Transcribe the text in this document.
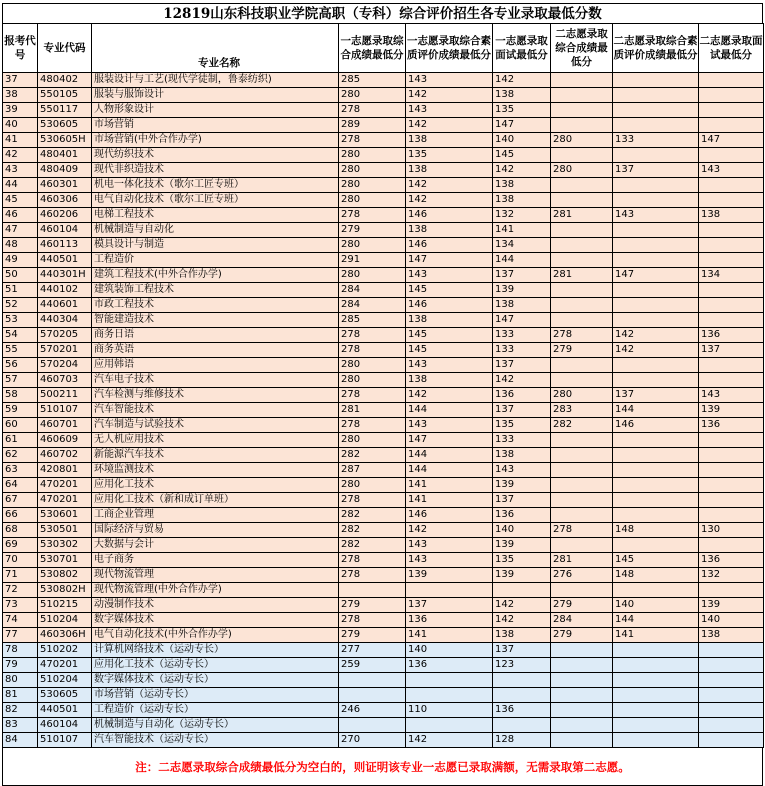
12819山东科技职业学院高职（专科）综合评价招生各专业录取最低分数
报考代号	专业代码	专业名称	一志愿录取综合成绩最低分	一志愿录取综合素质评价成绩最低分	一志愿录取面试最低分	二志愿录取综合成绩最低分	二志愿录取综合素质评价成绩最低分	二志愿录取面试最低分
37	480402	服装设计与工艺(现代学徒制，鲁泰纺织)	285	143	142			
38	550105	服装与服饰设计	280	142	138			
39	550117	人物形象设计	278	143	135			
40	530605	市场营销	289	142	147			
41	530605H	市场营销(中外合作办学)	278	138	140	280	133	147
42	480401	现代纺织技术	280	135	145			
43	480409	现代非织造技术	280	138	142	280	137	143
44	460301	机电一体化技术（歌尔工匠专班）	280	142	138			
45	460306	电气自动化技术（歌尔工匠专班）	280	142	138			
46	460206	电梯工程技术	278	146	132	281	143	138
47	460104	机械制造与自动化	279	138	141			
48	460113	模具设计与制造	280	146	134			
49	440501	工程造价	291	147	144			
50	440301H	建筑工程技术(中外合作办学)	280	143	137	281	147	134
51	440102	建筑装饰工程技术	284	145	139			
52	440601	市政工程技术	284	146	138			
53	440304	智能建造技术	285	138	147			
54	570205	商务日语	278	145	133	278	142	136
55	570201	商务英语	278	145	133	279	142	137
56	570204	应用韩语	280	143	137			
57	460703	汽车电子技术	280	138	142			
58	500211	汽车检测与维修技术	278	142	136	280	137	143
59	510107	汽车智能技术	281	144	137	283	144	139
60	460701	汽车制造与试验技术	278	143	135	282	146	136
61	460609	无人机应用技术	280	147	133			
62	460702	新能源汽车技术	282	144	138			
63	420801	环境监测技术	287	144	143			
64	470201	应用化工技术	280	141	139			
67	470201	应用化工技术（新和成订单班）	278	141	137			
66	530601	工商企业管理	282	146	136			
68	530501	国际经济与贸易	282	142	140	278	148	130
69	530302	大数据与会计	282	143	139			
70	530701	电子商务	278	143	135	281	145	136
71	530802	现代物流管理	278	139	139	276	148	132
72	530802H	现代物流管理(中外合作办学)						
73	510215	动漫制作技术	279	137	142	279	140	139
74	510204	数字媒体技术	278	136	142	284	144	140
77	460306H	电气自动化技术(中外合作办学)	279	141	138	279	141	138
78	510202	计算机网络技术（运动专长）	277	140	137			
79	470201	应用化工技术（运动专长）	259	136	123			
80	510204	数字媒体技术（运动专长）						
81	530605	市场营销（运动专长）						
82	440501	工程造价（运动专长）	246	110	136			
83	460104	机械制造与自动化（运动专长）						
84	510107	汽车智能技术（运动专长）	270	142	128			
注：二志愿录取综合成绩最低分为空白的，则证明该专业一志愿已录取满额，无需录取第二志愿。
